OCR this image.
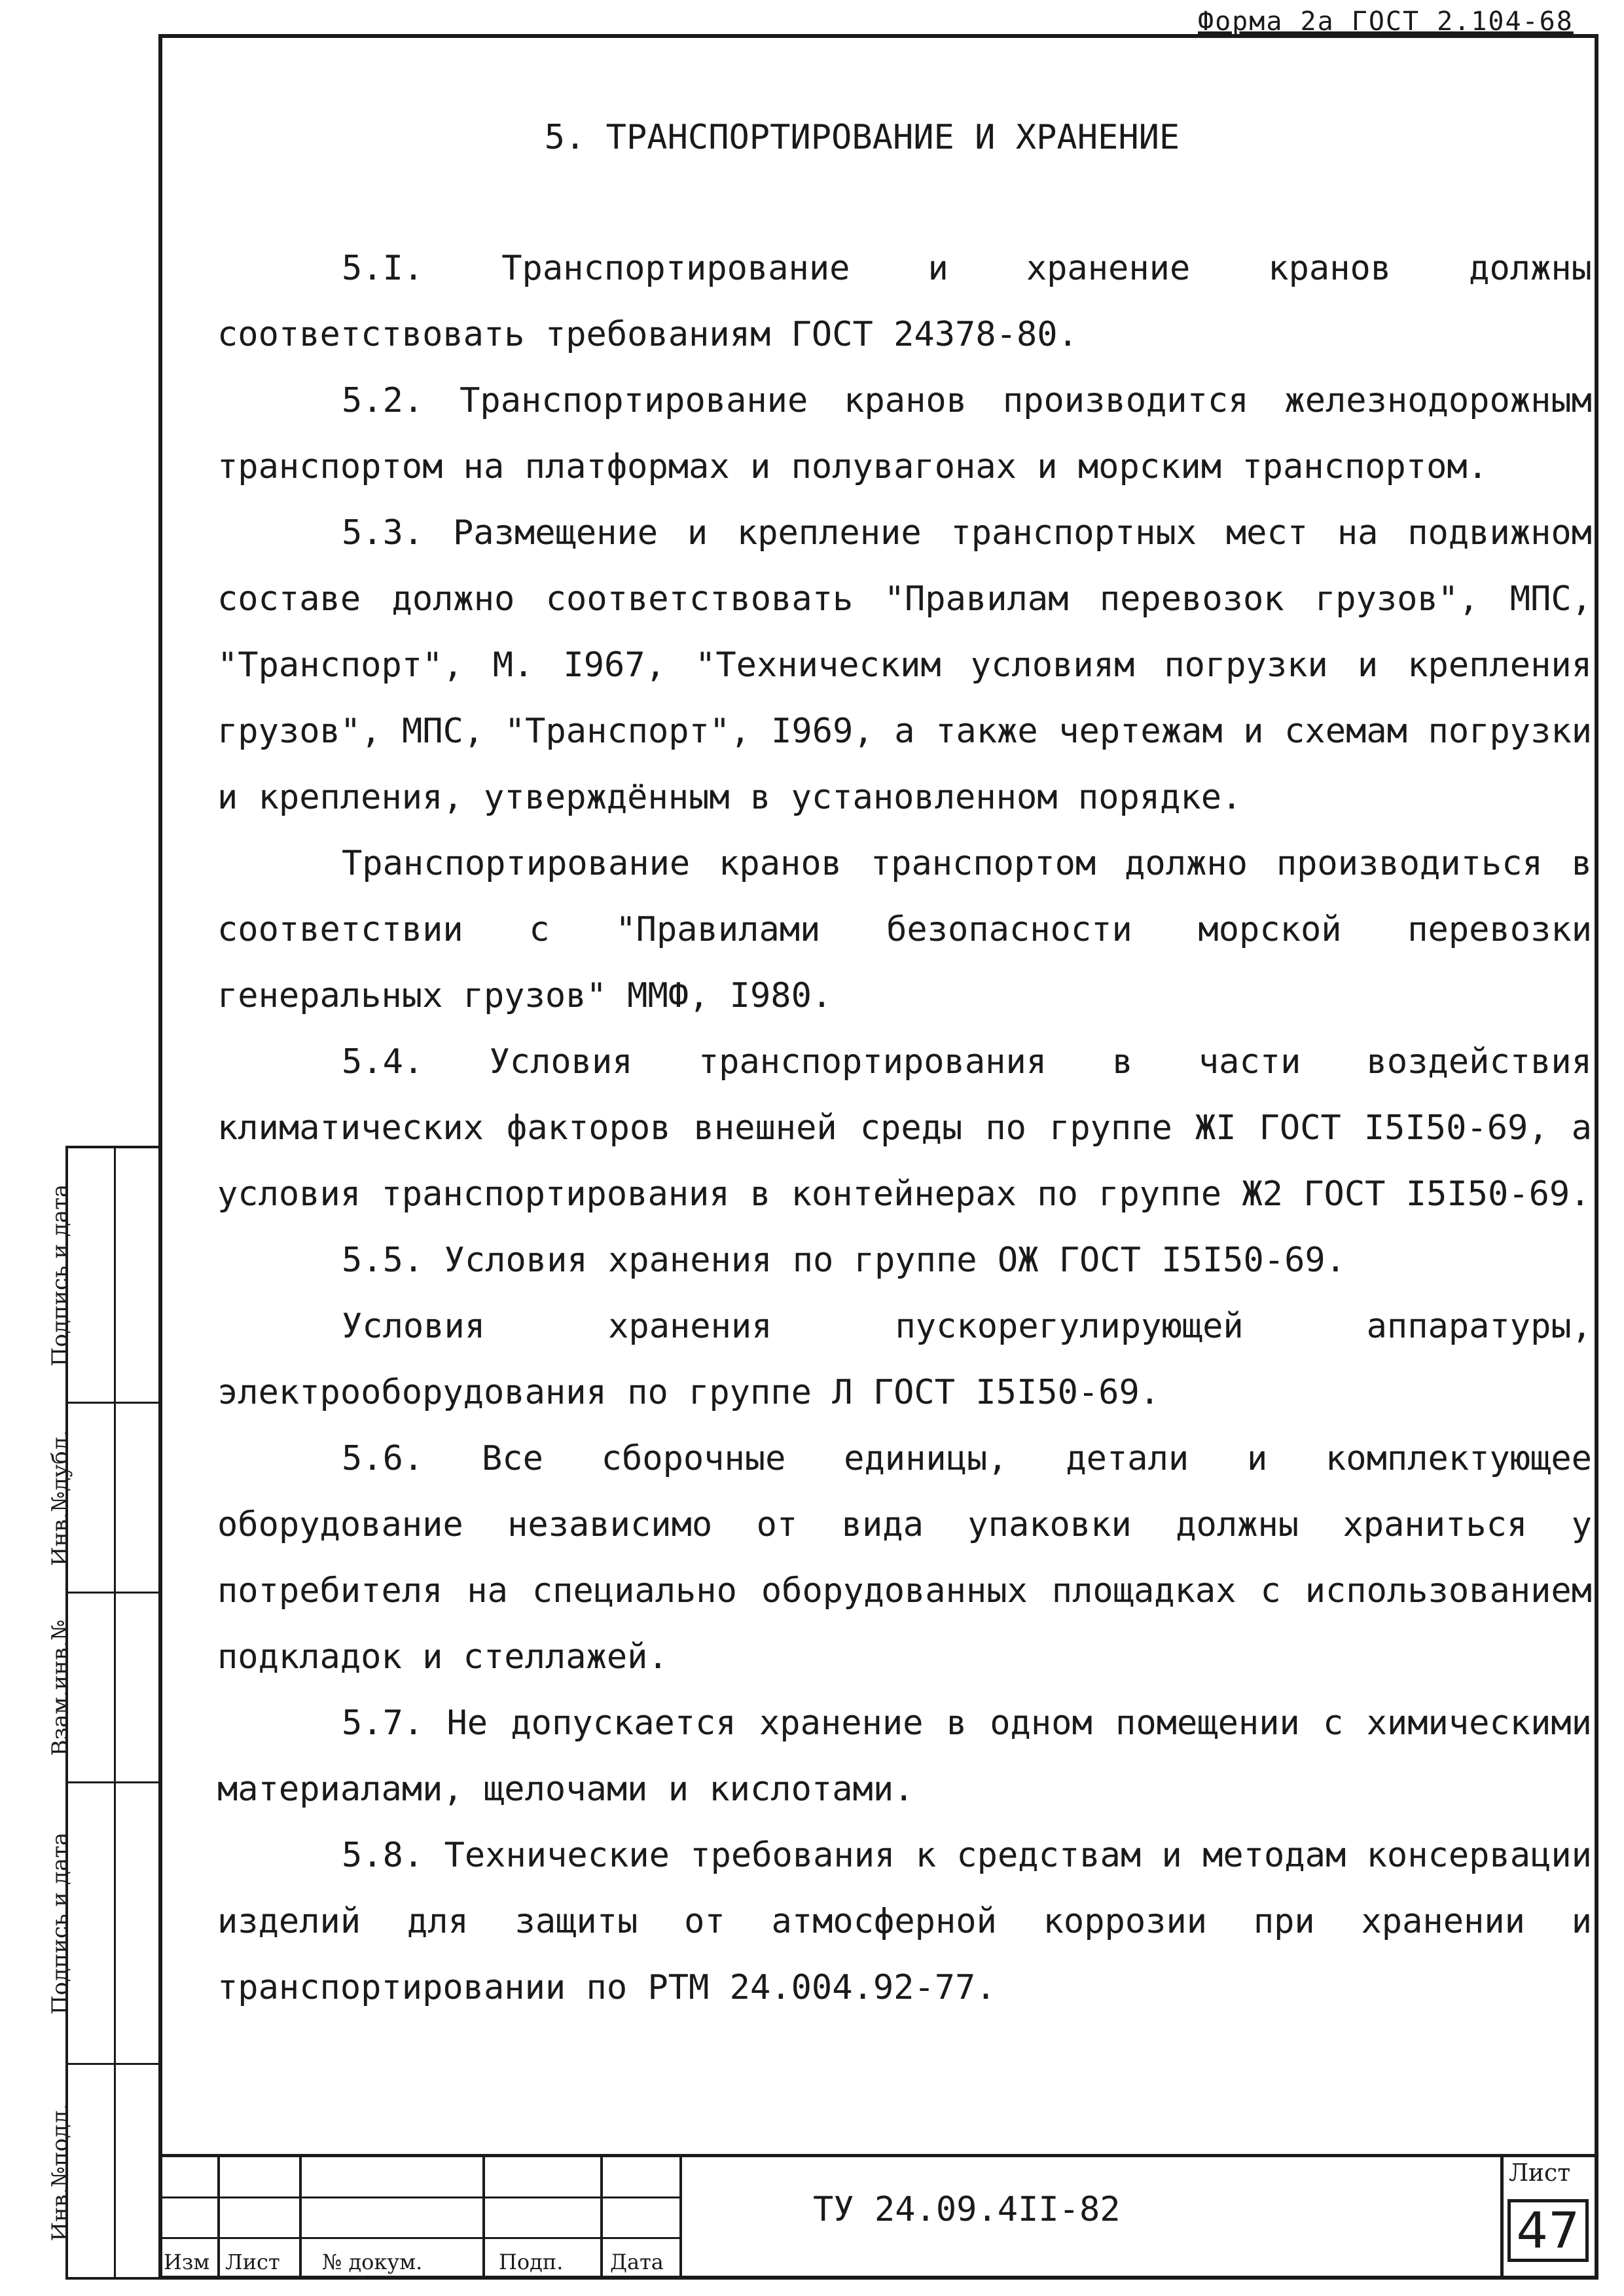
Форма 2а ГОСТ 2.104-68
5. ТРАНСПОРТИРОВАНИЕ И ХРАНЕНИЕ

5.I. Транспортирование и хранение кранов должны соответствовать требованиям ГОСТ 24378-80.

5.2. Транспортирование кранов производится железнодорожным транспортом на платформах и полувагонах и морским транспортом.

5.3. Размещение и крепление транспортных мест на подвижном составе должно соответствовать "Правилам перевозок грузов", МПС, "Транспорт", М. I967, "Техническим условиям погрузки и крепления грузов", МПС, "Транспорт", I969, а также чертежам и схемам погрузки и крепления, утверждённым в установленном порядке.

Транспортирование кранов транспортом должно производиться в соответствии с "Правилами безопасности морской перевозки генеральных грузов" ММФ, I980.

5.4. Условия транспортирования в части воздействия климатических факторов внешней среды по группе ЖI ГОСТ I5I50-69, а условия транспортирования в контейнерах по группе Ж2 ГОСТ I5I50-69.

5.5. Условия хранения по группе ОЖ ГОСТ I5I50-69.

Условия хранения пускорегулирующей аппаратуры, электрооборудования по группе Л ГОСТ I5I50-69.

5.6. Все сборочные единицы, детали и комплектующее оборудование независимо от вида упаковки должны храниться у потребителя на специально оборудованных площадках с использованием подкладок и стеллажей.

5.7. Не допускается хранение в одном помещении с химическими материалами, щелочами и кислотами.

5.8. Технические требования к средствам и методам консервации изделий для защиты от атмосферной коррозии при хранении и транспортировании по РТМ 24.004.92-77.

Подпись и дата
Инв.№дубл.
Взам.инв.№
Подпись и дата
Инв.№подл.
Изм Лист № докум.	Подп. Дата
ТУ 24.09.4II-82
Лист
47
